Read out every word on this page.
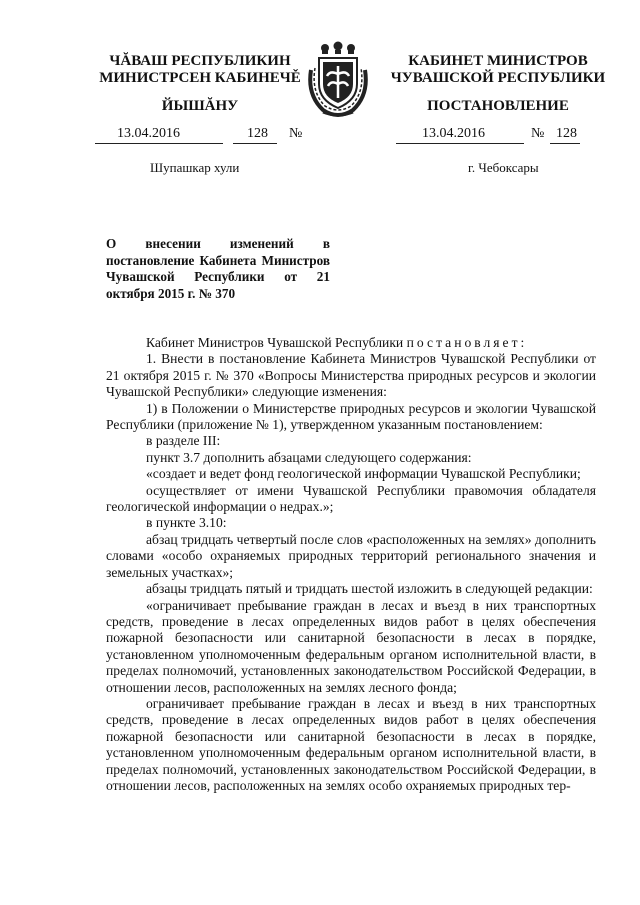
ЧĂВАШ РЕСПУБЛИКИН
МИНИСТРСЕН КАБИНЕЧĚ
КАБИНЕТ МИНИСТРОВ
ЧУВАШСКОЙ РЕСПУБЛИКИ
ЙЫШĂНУ	ПОСТАНОВЛЕНИЕ
13.04.2016	128 №	13.04.2016	№ 128
Шупашкар хули	г. Чебоксары
О внесении изменений в постановление Кабинета Министров Чувашской Республики от 21 октября 2015 г. № 370

Кабинет Министров Чувашской Республики постановляет:

1. Внести в постановление Кабинета Министров Чувашской Республики от 21 октября 2015 г. № 370 «Вопросы Министерства природных ресурсов и экологии Чувашской Республики» следующие изменения:

1) в Положении о Министерстве природных ресурсов и экологии Чувашской Республики (приложение № 1), утвержденном указанным постановлением:

в разделе III:

пункт 3.7 дополнить абзацами следующего содержания:

«создает и ведет фонд геологической информации Чувашской Республики;

осуществляет от имени Чувашской Республики правомочия обладателя геологической информации о недрах.»;

в пункте 3.10:

абзац тридцать четвертый после слов «расположенных на землях» дополнить словами «особо охраняемых природных территорий регионального значения и земельных участках»;

абзацы тридцать пятый и тридцать шестой изложить в следующей редакции:

«ограничивает пребывание граждан в лесах и въезд в них транспортных средств, проведение в лесах определенных видов работ в целях обеспечения пожарной безопасности или санитарной безопасности в лесах в порядке, установленном уполномоченным федеральным органом исполнительной власти, в пределах полномочий, установленных законодательством Российской Федерации, в отношении лесов, расположенных на землях лесного фонда;

ограничивает пребывание граждан в лесах и въезд в них транспортных средств, проведение в лесах определенных видов работ в целях обеспечения пожарной безопасности или санитарной безопасности в лесах в порядке, установленном уполномоченным федеральным органом исполнительной власти, в пределах полномочий, установленных законодательством Российской Федерации, в отношении лесов, расположенных на землях особо охраняемых природных тер-
